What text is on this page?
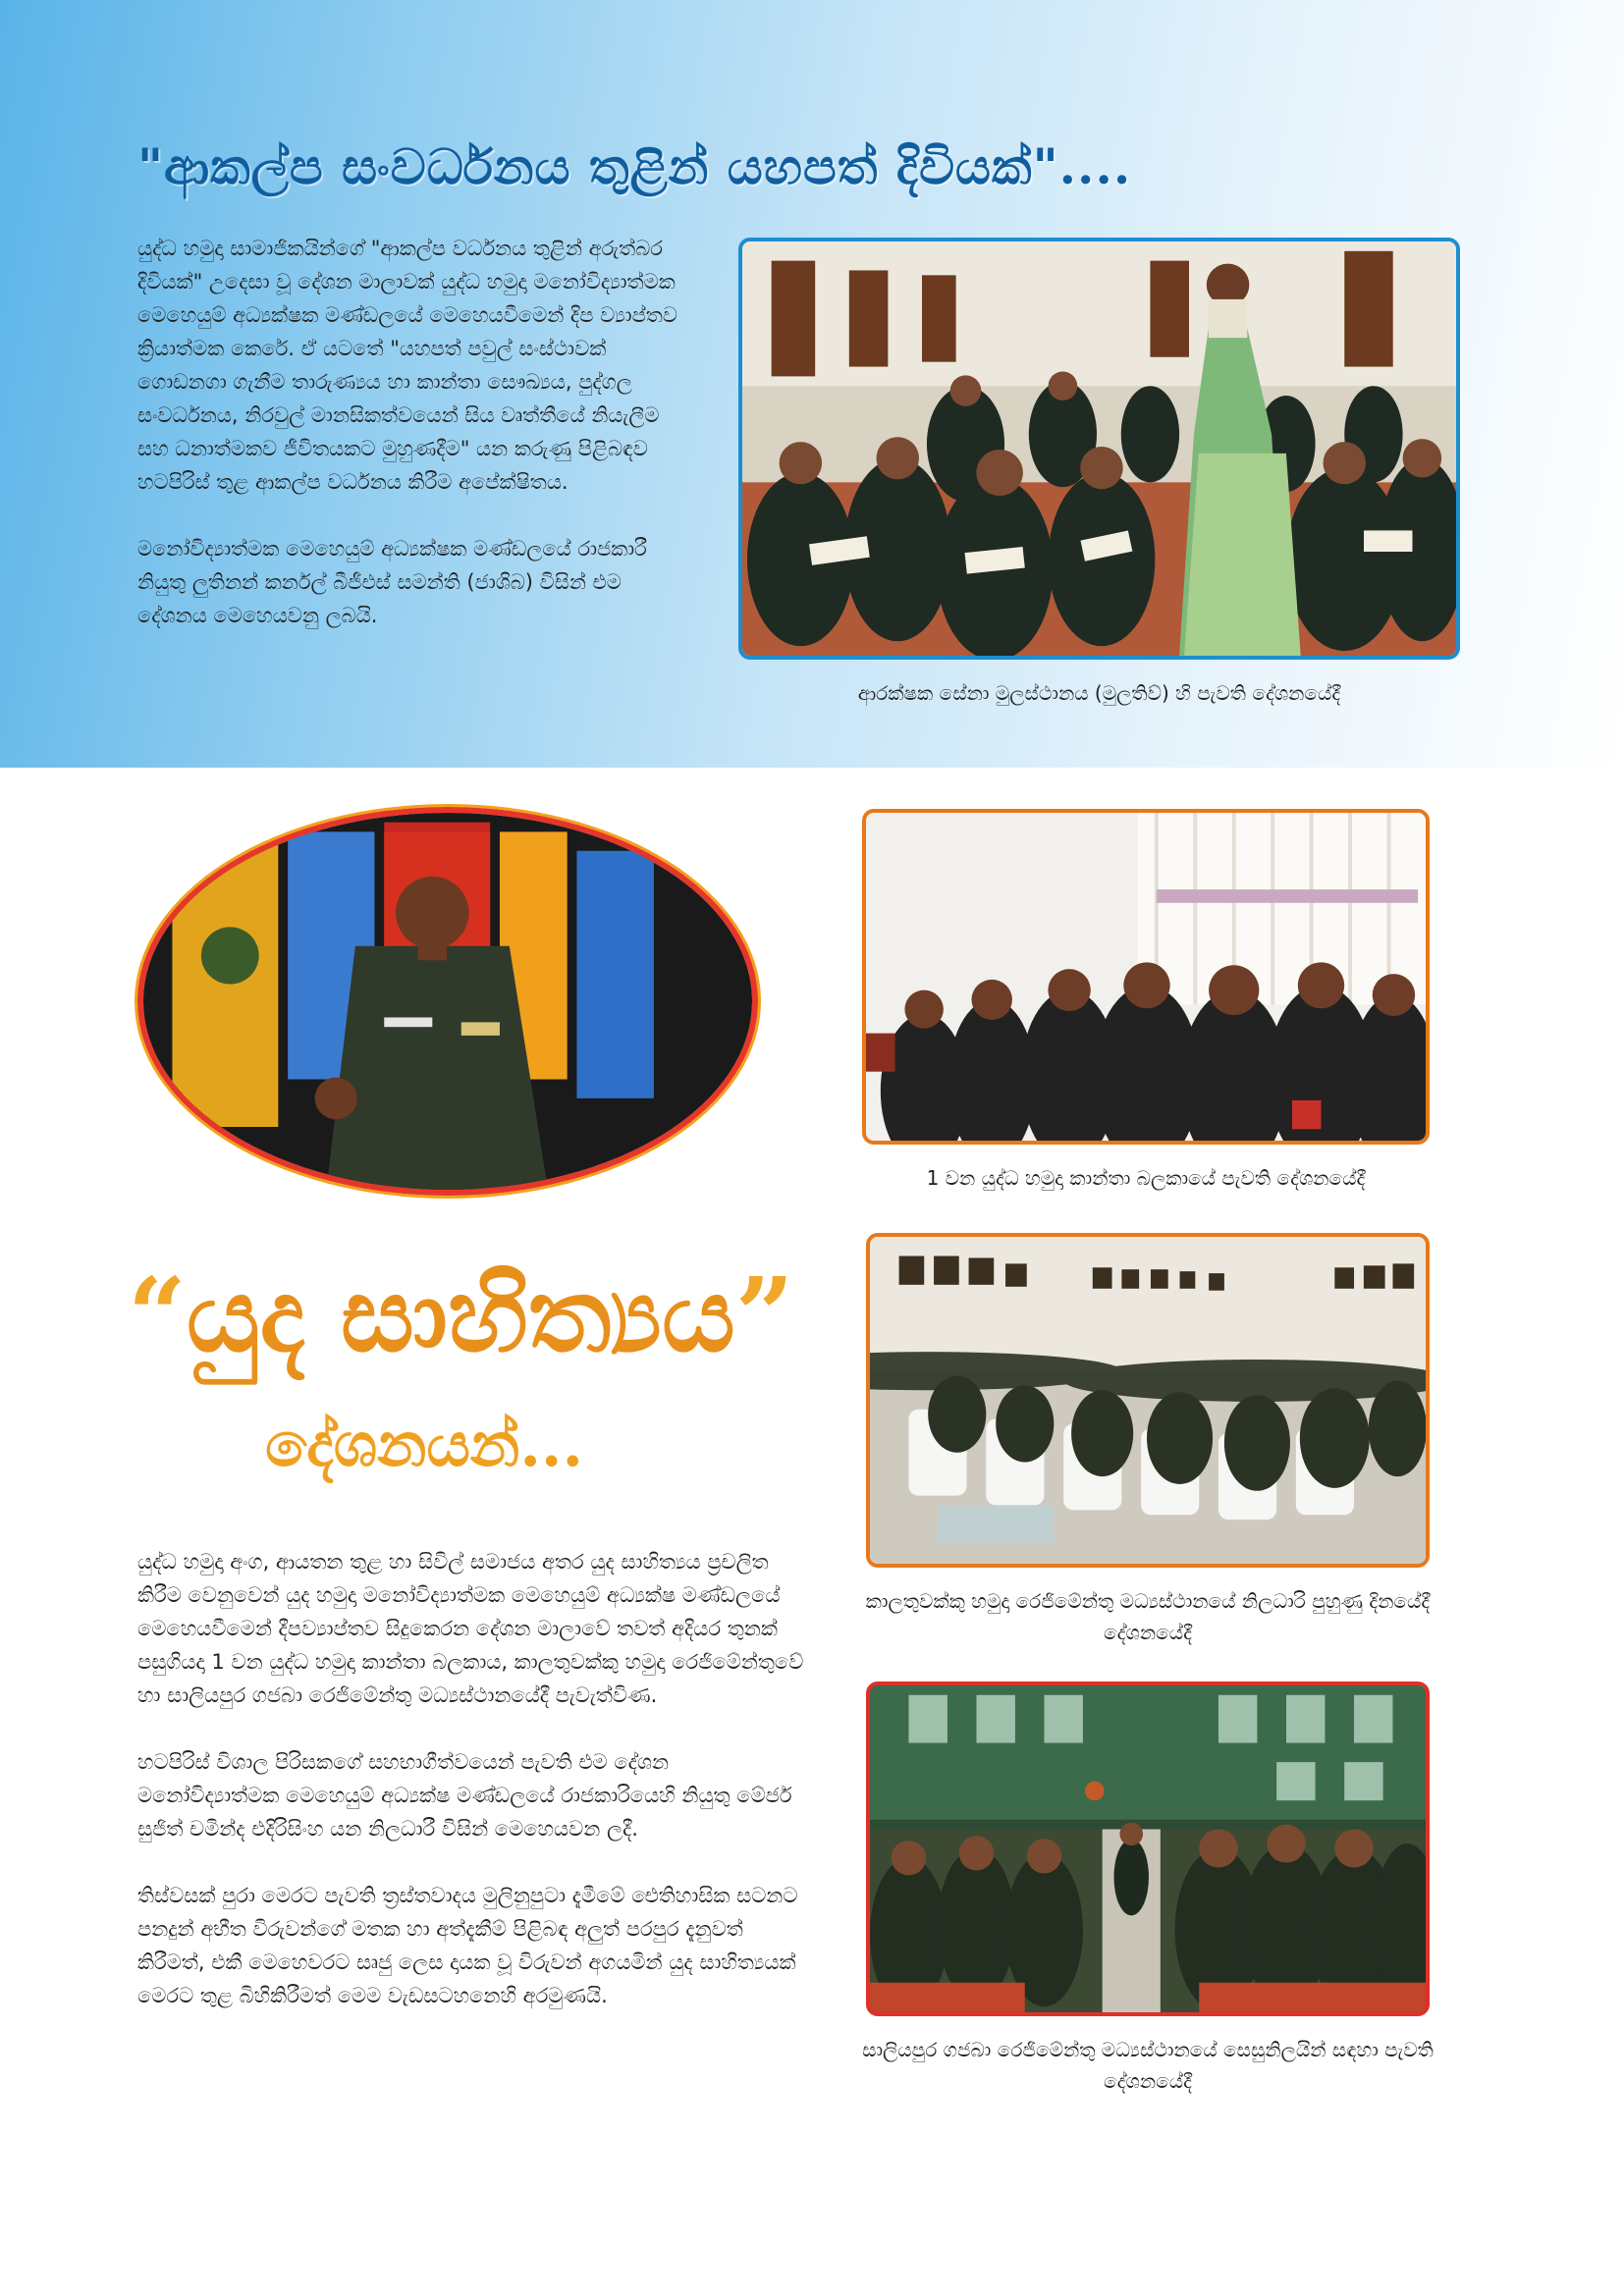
"ආකල්ප සංවර්ධනය තුළින් යහපත් දිවියක්"....

යුද්ධ හමුදා සාමාජිකයින්ගේ "ආකල්ප වර්ධනය තුළින් අරුත්බර දිවියක්" උදෙසා වූ දේශන මාලාවක් යුද්ධ හමුදා මනෝවිද්‍යාත්මක මෙහෙයුම් අධ්‍යක්ෂක මණ්ඩලයේ මෙහෙයවීමෙන් දිප ව්‍යාප්තව ක්‍රියාත්මක කෙරේ. ඒ යටතේ "යහපත් පවුල් සංස්ථාවක් ගොඩනගා ගැනීම තාරුණ්‍යය හා කාන්තා සෞඛ්‍යය, පුද්ගල සංවර්ධනය, නිරවුල් මානසිකත්වයෙන් සිය වෘත්තීයේ නියැලීම සහ ධනාත්මකව ජීවිතයකට මුහුණදීම" යන කරුණු පිළිබඳව හටපිරිස් තුළ ආකල්ප වර්ධනය කිරීම අපේක්ෂිතය.

මනෝවිද්‍යාත්මක මෙහෙයුම් අධ්‍යක්ෂක මණ්ඩලයේ රාජකාරී නියුතු ලුතිනන් කර්නල් බීජීඑස් සමන්ති (ජාශිබ) විසින් එම දේශනය මෙහෙයවනු ලබයි.

ආරක්ෂක සේනා මුලස්ථානය (මුලතිව්) හි පැවති දේශනයේදී
“යුද සාහිත්‍යය”
දේශනයන්...

යුද්ධ හමුදා අංග, ආයතන තුළ හා සිවිල් සමාජය අතර යුද සාහිත්‍යය ප්‍රචලිත කිරීම වෙනුවෙන් යුද හමුදා මනෝවිද්‍යාත්මක මෙහෙයුම් අධ්‍යක්ෂ මණ්ඩලයේ මෙහෙයවීමෙන් දීපව්‍යාප්තව සිදුකෙරන දේශන මාලාවේ තවත් අදියර තුනක් පසුගියදා 1 වන යුද්ධ හමුදා කාන්තා බලකාය, කාලතුවක්කු හමුදා රෙජිමේන්තුවේ හා සාලියපුර ගජබා රෙජිමේන්තු මධ්‍යස්ථානයේදී පැවැත්විණ.

හටපිරිස් විශාල පිරිසකගේ සහභාගීත්වයෙන් පැවති එම දේශන මනෝවිද්‍යාත්මක මෙහෙයුම් අධ්‍යක්ෂ මණ්ඩලයේ රාජකාරියෙහි නියුතු මේජර් සුජිත් චමින්ද එදිරිසිංහ යන නිලධාරී විසින් මෙහෙයවන ලදී.

තිස්වසක් පුරා මෙරට පැවති ත්‍රස්තවාදය මුලිනුපුටා දැමීමේ ඓතිහාසික සටනට පනදුන් අභීත විරුවන්ගේ මතක හා අත්දැකීම් පිළිබඳ අලුත් පරපුර දැනුවත් කිරීමත්, එකී මෙහෙවරට සෘජු ලෙස දායක වූ විරුවන් අගයමින් යුද සාහිත්‍යයක් මෙරට තුළ බිහිකිරීමත් මෙම වැඩසටහනෙහි අරමුණයි.

1 වන යුද්ධ හමුදා කාන්තා බලකායේ පැවති දේශනයේදී
කාලතුවක්කු හමුදා රෙජිමේන්තු මධ්‍යස්ථානයේ නිලධාරි පුහුණු දිනයේදී දේශනයේදී
සාලියපුර ගජබා රෙජිමේන්තු මධ්‍යස්ථානයේ සෙසුනිලයින් සඳහා පැවති දේශනයේදී
